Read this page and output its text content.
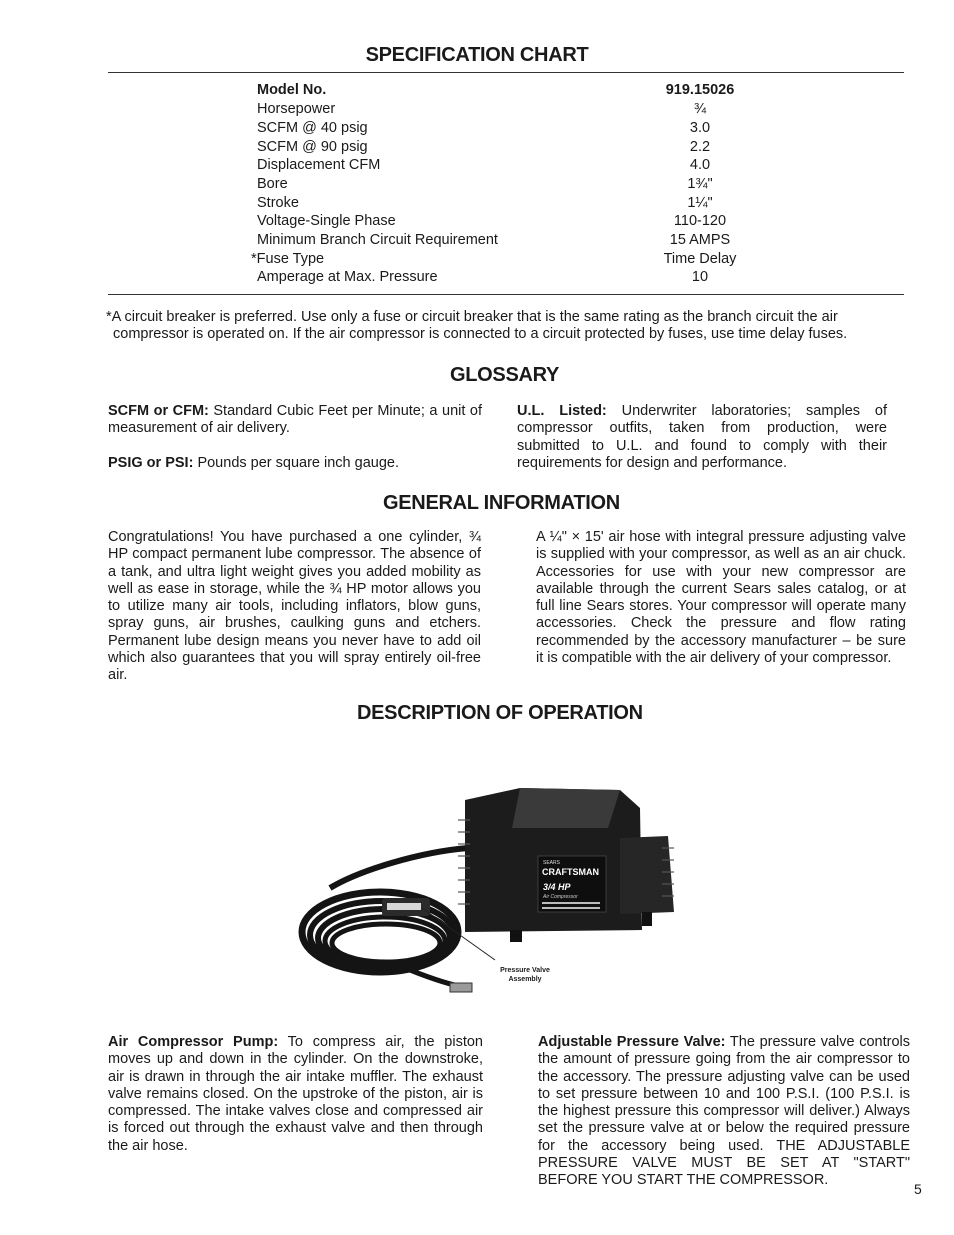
SPECIFICATION CHART
Model No.	919.15026
Horsepower	¾
SCFM @ 40 psig	3.0
SCFM @ 90 psig	2.2
Displacement CFM	4.0
Bore	1¾"
Stroke	1¼"
Voltage-Single Phase	110-120
Minimum Branch Circuit Requirement	15 AMPS
*Fuse Type	Time Delay
Amperage at Max. Pressure	10
*A circuit breaker is preferred. Use only a fuse or circuit breaker that is the same rating as the branch circuit the air
compressor is operated on. If the air compressor is connected to a circuit protected by fuses, use time delay fuses.
GLOSSARY
SCFM or CFM: Standard Cubic Feet per Minute; a unit of measurement of air delivery.
PSIG or PSI: Pounds per square inch gauge.
U.L. Listed: Underwriter laboratories; samples of compressor outfits, taken from production, were submitted to U.L. and found to comply with their requirements for design and performance.
GENERAL INFORMATION
Congratulations! You have purchased a one cylinder, ¾ HP compact permanent lube compressor. The absence of a tank, and ultra light weight gives you added mobility as well as ease in storage, while the ¾ HP motor allows you to utilize many air tools, including inflators, blow guns, spray guns, air brushes, caulking guns and etchers. Permanent lube design means you never have to add oil which also guarantees that you will spray entirely oil-free air.
A ¼" × 15' air hose with integral pressure adjusting valve is supplied with your compressor, as well as an air chuck. Accessories for use with your new compressor are available through the current Sears sales catalog, or at full line Sears stores. Your compressor will operate many accessories. Check the pressure and flow rating recommended by the accessory manufacturer – be sure it is compatible with the air delivery of your compressor.
DESCRIPTION OF OPERATION
SEARS
CRAFTSMAN
3/4 HP
Air Compressor
Pressure Valve
Assembly
Air Compressor Pump: To compress air, the piston moves up and down in the cylinder. On the downstroke, air is drawn in through the air intake muffler. The exhaust valve remains closed. On the upstroke of the piston, air is compressed. The intake valves close and compressed air is forced out through the exhaust valve and then through the air hose.
Adjustable Pressure Valve: The pressure valve controls the amount of pressure going from the air compressor to the accessory. The pressure adjusting valve can be used to set pressure between 10 and 100 P.S.I. (100 P.S.I. is the highest pressure this compressor will deliver.) Always set the pressure valve at or below the required pressure for the accessory being used. THE ADJUSTABLE PRESSURE VALVE MUST BE SET AT "START" BEFORE YOU START THE COMPRESSOR.
5
